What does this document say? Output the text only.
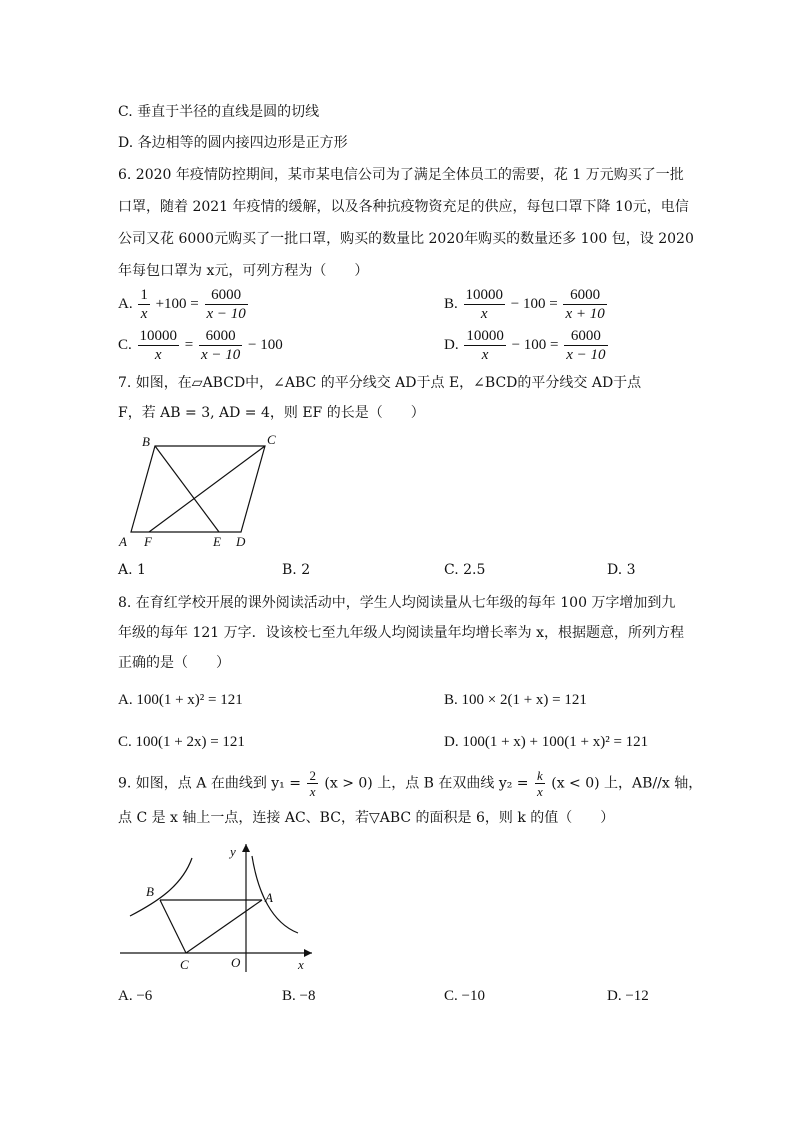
C. 垂直于半径的直线是圆的切线
D. 各边相等的圆内接四边形是正方形
6. 2020 年疫情防控期间，某市某电信公司为了满足全体员工的需要，花 1 万元购买了一批
口罩，随着 2021 年疫情的缓解，以及各种抗疫物资充足的供应，每包口罩下降 10元，电信
公司又花 6000元购买了一批口罩，购买的数量比 2020年购买的数量还多 100 包，设 2020
年每包口罩为 x元，可列方程为（　　）
A. $\frac{1}{x} +100 = \frac{6000}{x - 10}$	B. $\frac{10000}{x} - 100 = \frac{6000}{x + 10}$
C. $\frac{10000}{x} = \frac{6000}{x - 10} - 100$	D. $\frac{10000}{x} - 100 = \frac{6000}{x - 10}$
7. 如图，在▱ABCD中，∠ABC 的平分线交 AD于点 E，∠BCD的平分线交 AD于点
F，若 AB = 3, AD = 4，则 EF 的长是（　　）
B	C
A F	E D
A. 1	B. 2	C. 2.5	D. 3
8. 在育红学校开展的课外阅读活动中，学生人均阅读量从七年级的每年 100 万字增加到九
年级的每年 121 万字．设该校七至九年级人均阅读量年均增长率为 x，根据题意，所列方程
正确的是（　　）
A. 100(1 + x)² = 121	B. 100 × 2(1 + x) = 121
C. 100(1 + 2x) = 121	D. 100(1 + x) + 100(1 + x)² = 121
9. 如图，点 A 在曲线到 $y_1 = \frac{2}{x} (x > 0)$ 上，点 B 在双曲线 $y_2 = \frac{k}{x} (x < 0)$ 上，AB//x 轴，
点 C 是 x 轴上一点，连接 AC、BC，若▽ABC 的面积是 6，则 k 的值（　　）
y
B	A
C	O	x
A. −6	B. −8	C. −10	D. −12
